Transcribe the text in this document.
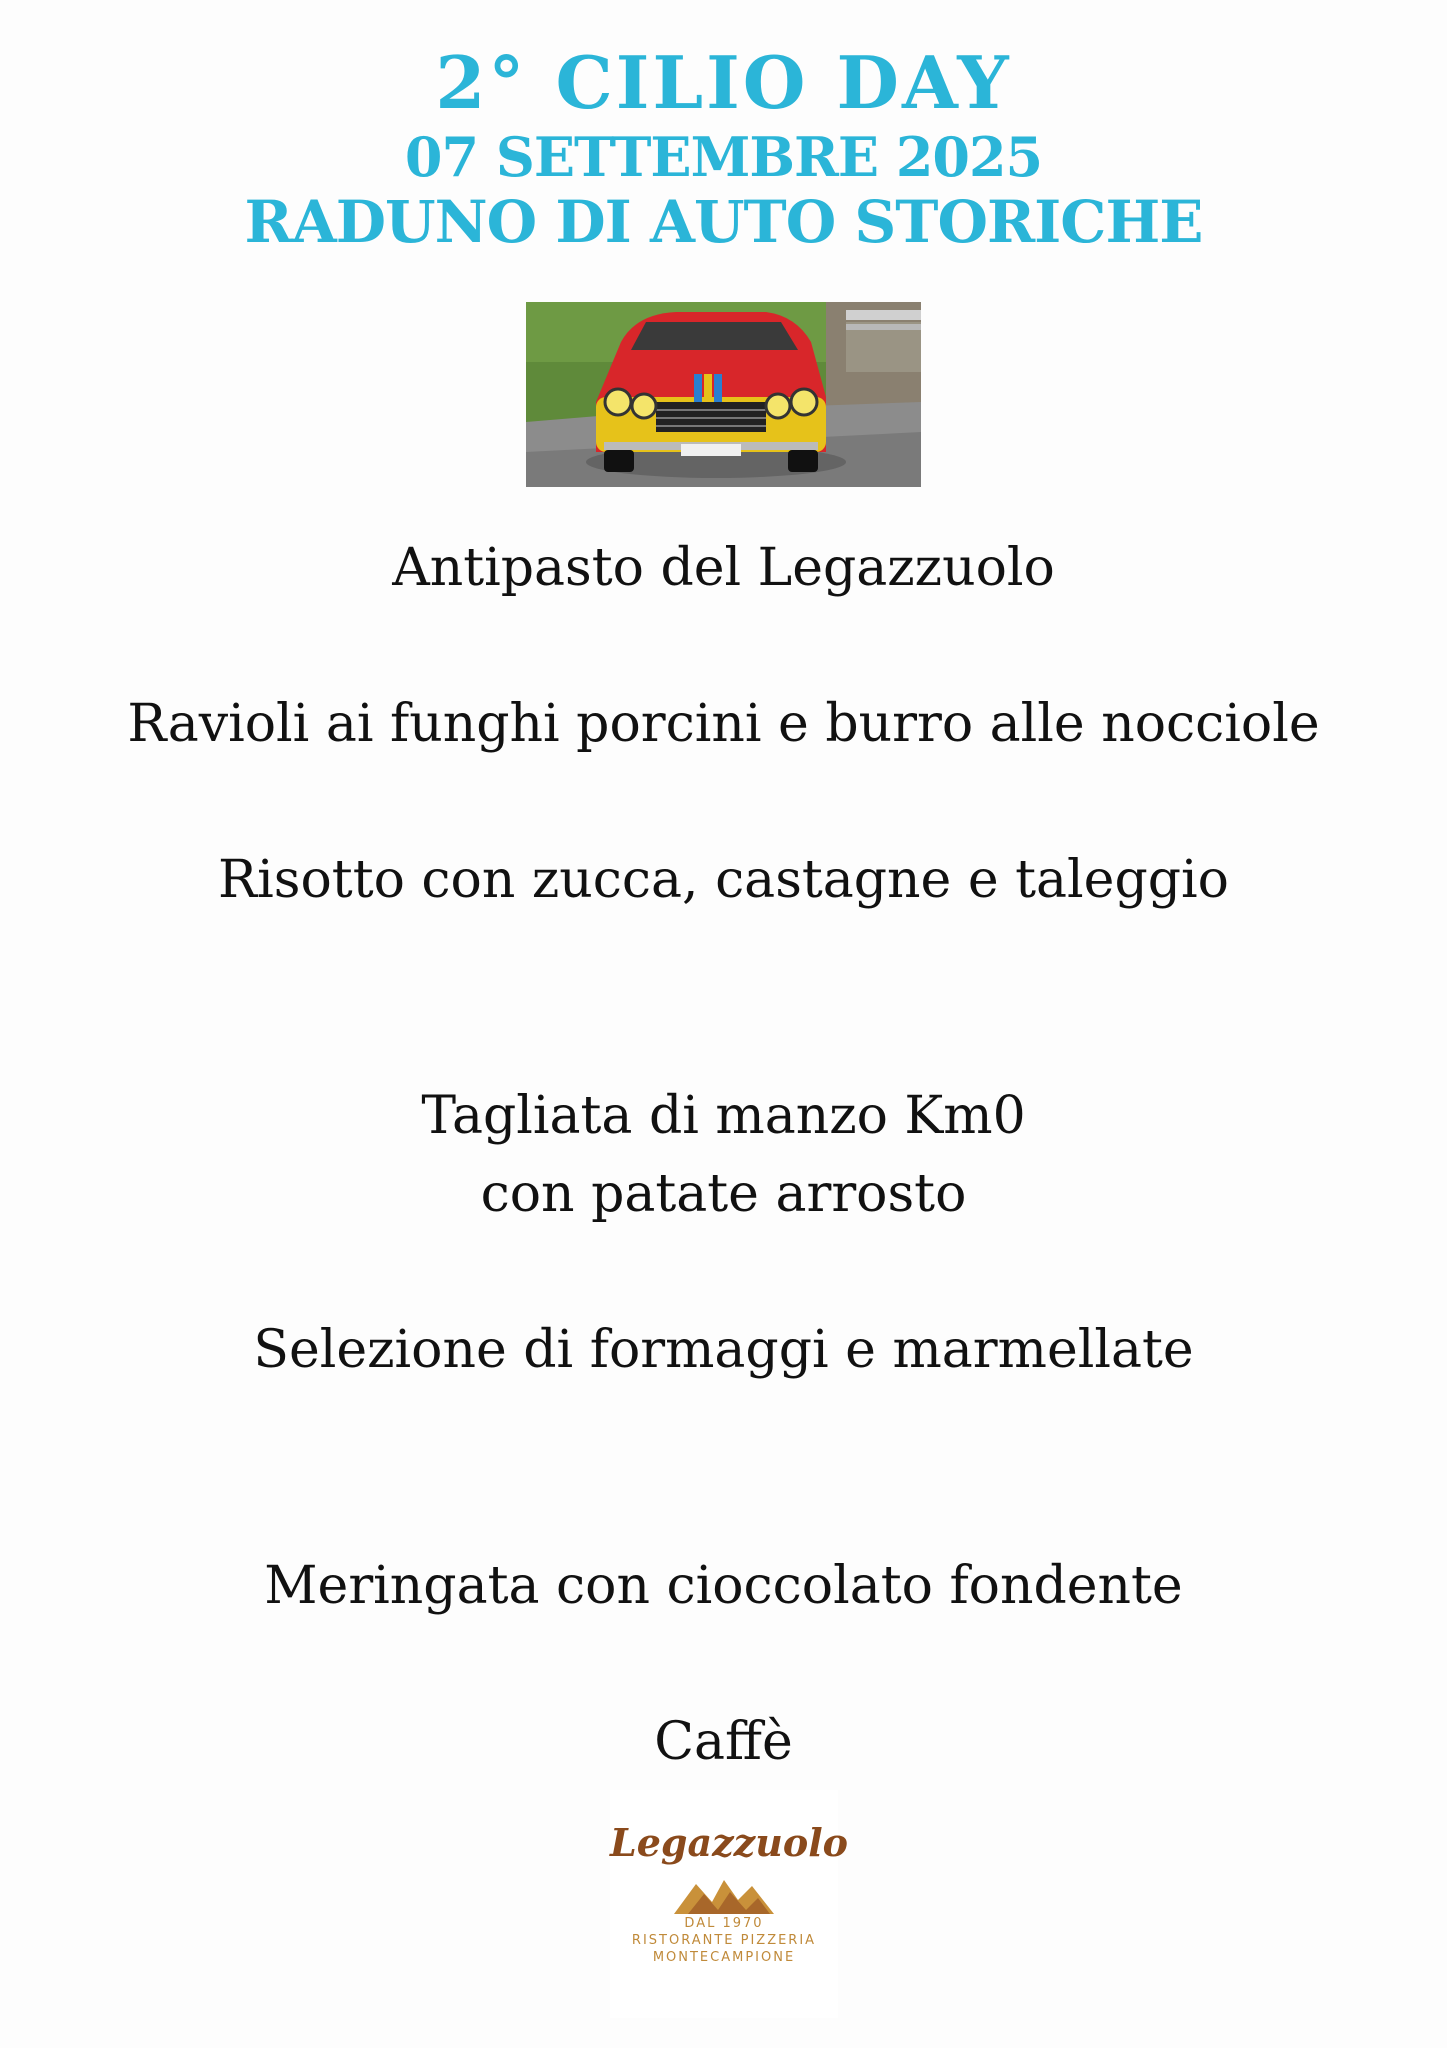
2° CILIO DAY
07 SETTEMBRE 2025
RADUNO DI AUTO STORICHE
Antipasto del Legazzuolo
Ravioli ai funghi porcini e burro alle nocciole
Risotto con zucca, castagne e taleggio
Tagliata di manzo Km0
con patate arrosto
Selezione di formaggi e marmellate
Meringata con cioccolato fondente
Caffè
Legazzuolo
DAL 1970
RISTORANTE PIZZERIA
MONTECAMPIONE
